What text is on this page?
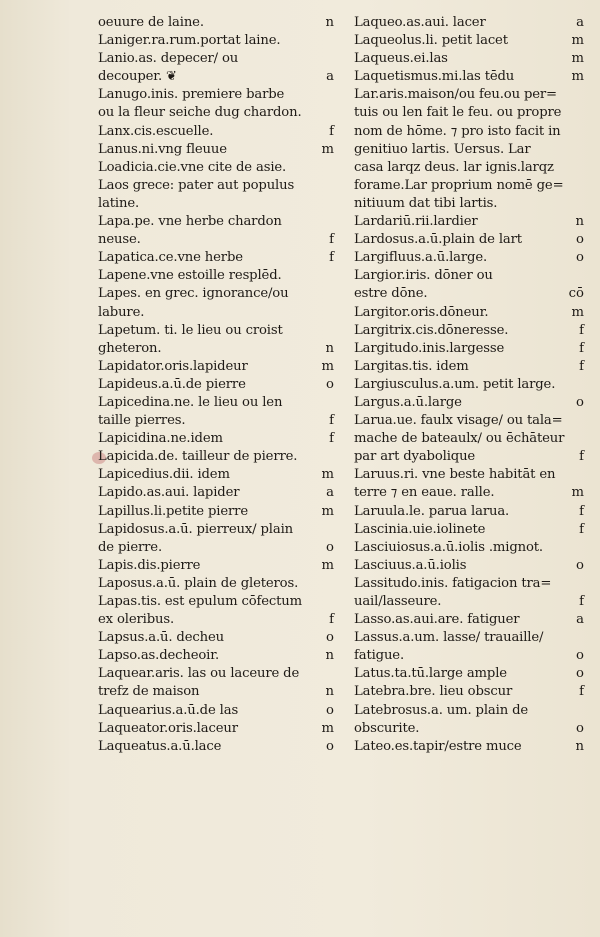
oeuure de laine.	n
Laniger.ra.rum.portat laine.
Lanio.as. depecer/ ou
decouper. ❦	a
Lanugo.inis. premiere barbe
ou la fleur seiche dug chardon.
Lanx.cis.escuelle.	f
Lanus.ni.vng fleuue	m
Loadicia.cie.vne cite de asie.
Laos grece: pater aut populus
latine.
Lapa.pe. vne herbe chardon
neuse.	f
Lapatica.ce.vne herbe	f
Lapene.vne estoille resplēd.
Lapes. en grec. ignorance/ou
labure.
Lapetum. ti. le lieu ou croist
gheteron.	n
Lapidator.oris.lapideur	m
Lapideus.a.ū.de pierre	o
Lapicedina.ne. le lieu ou len
taille pierres.	f
Lapicidina.ne.idem	f
Lapicida.de. tailleur de pierre.
Lapicedius.dii. idem	m
Lapido.as.aui. lapider	a
Lapillus.li.petite pierre	m
Lapidosus.a.ū. pierreux/ plain
de pierre.	o
Lapis.dis.pierre	m
Laposus.a.ū. plain de gleteros.
Lapas.tis. est epulum cōfectum
ex oleribus.	f
Lapsus.a.ū. decheu	o
Lapso.as.decheoir.	n
Laquear.aris. las ou laceure de
trefz de maison	n
Laquearius.a.ū.de las	o
Laqueator.oris.laceur	m
Laqueatus.a.ū.lace	o
Laqueo.as.aui. lacer	a
Laqueolus.li. petit lacet	m
Laqueus.ei.las	m
Laquetismus.mi.las tēdu	m
Lar.aris.maison/ou feu.ou per=
tuis ou len fait le feu. ou propre
nom de hōme. ⁊ pro isto facit in
genitiuo lartis. Uersus. Lar
casa larqz deus. lar ignis.larqz
forame.Lar proprium nomē ge=
nitiuum dat tibi lartis.
Lardariū.rii.lardier	n
Lardosus.a.ū.plain de lart	o
Largifluus.a.ū.large.	o
Largior.iris. dōner ou
estre dōne.	cō
Largitor.oris.dōneur.	m
Largitrix.cis.dōneresse.	f
Largitudo.inis.largesse	f
Largitas.tis. idem	f
Largiusculus.a.um. petit large.
Largus.a.ū.large	o
Larua.ue. faulx visage/ ou tala=
mache de bateaulx/ ou ēchāteur
par art dyabolique	f
Laruus.ri. vne beste habitāt en
terre ⁊ en eaue. ralle.	m
Laruula.le. parua larua.	f
Lascinia.uie.iolinete	f
Lasciuiosus.a.ū.iolis .mignot.
Lasciuus.a.ū.iolis	o
Lassitudo.inis. fatigacion tra=
uail/lasseure.	f
Lasso.as.aui.are. fatiguer	a
Lassus.a.um. lasse/ trauaille/
fatigue.	o
Latus.ta.tū.large ample	o
Latebra.bre. lieu obscur	f
Latebrosus.a. um. plain de
obscurite.	o
Lateo.es.tapir/estre muce	n
